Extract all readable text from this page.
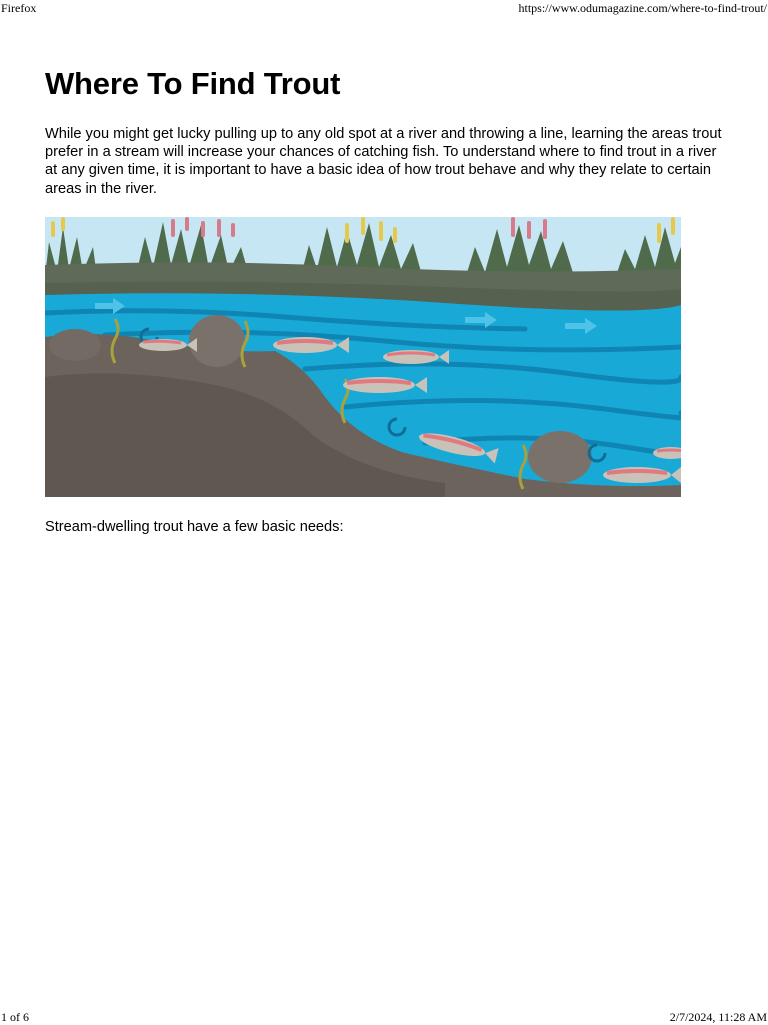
Firefox	https://www.odumagazine.com/where-to-find-trout/
Where To Find Trout

While you might get lucky pulling up to any old spot at a river and throwing a line, learning the areas trout prefer in a stream will increase your chances of catching fish. To understand where to find trout in a river at any given time, it is important to have a basic idea of how trout behave and why they relate to certain areas in the river.

Stream-dwelling trout have a few basic needs:

1 of 6	2/7/2024, 11:28 AM
